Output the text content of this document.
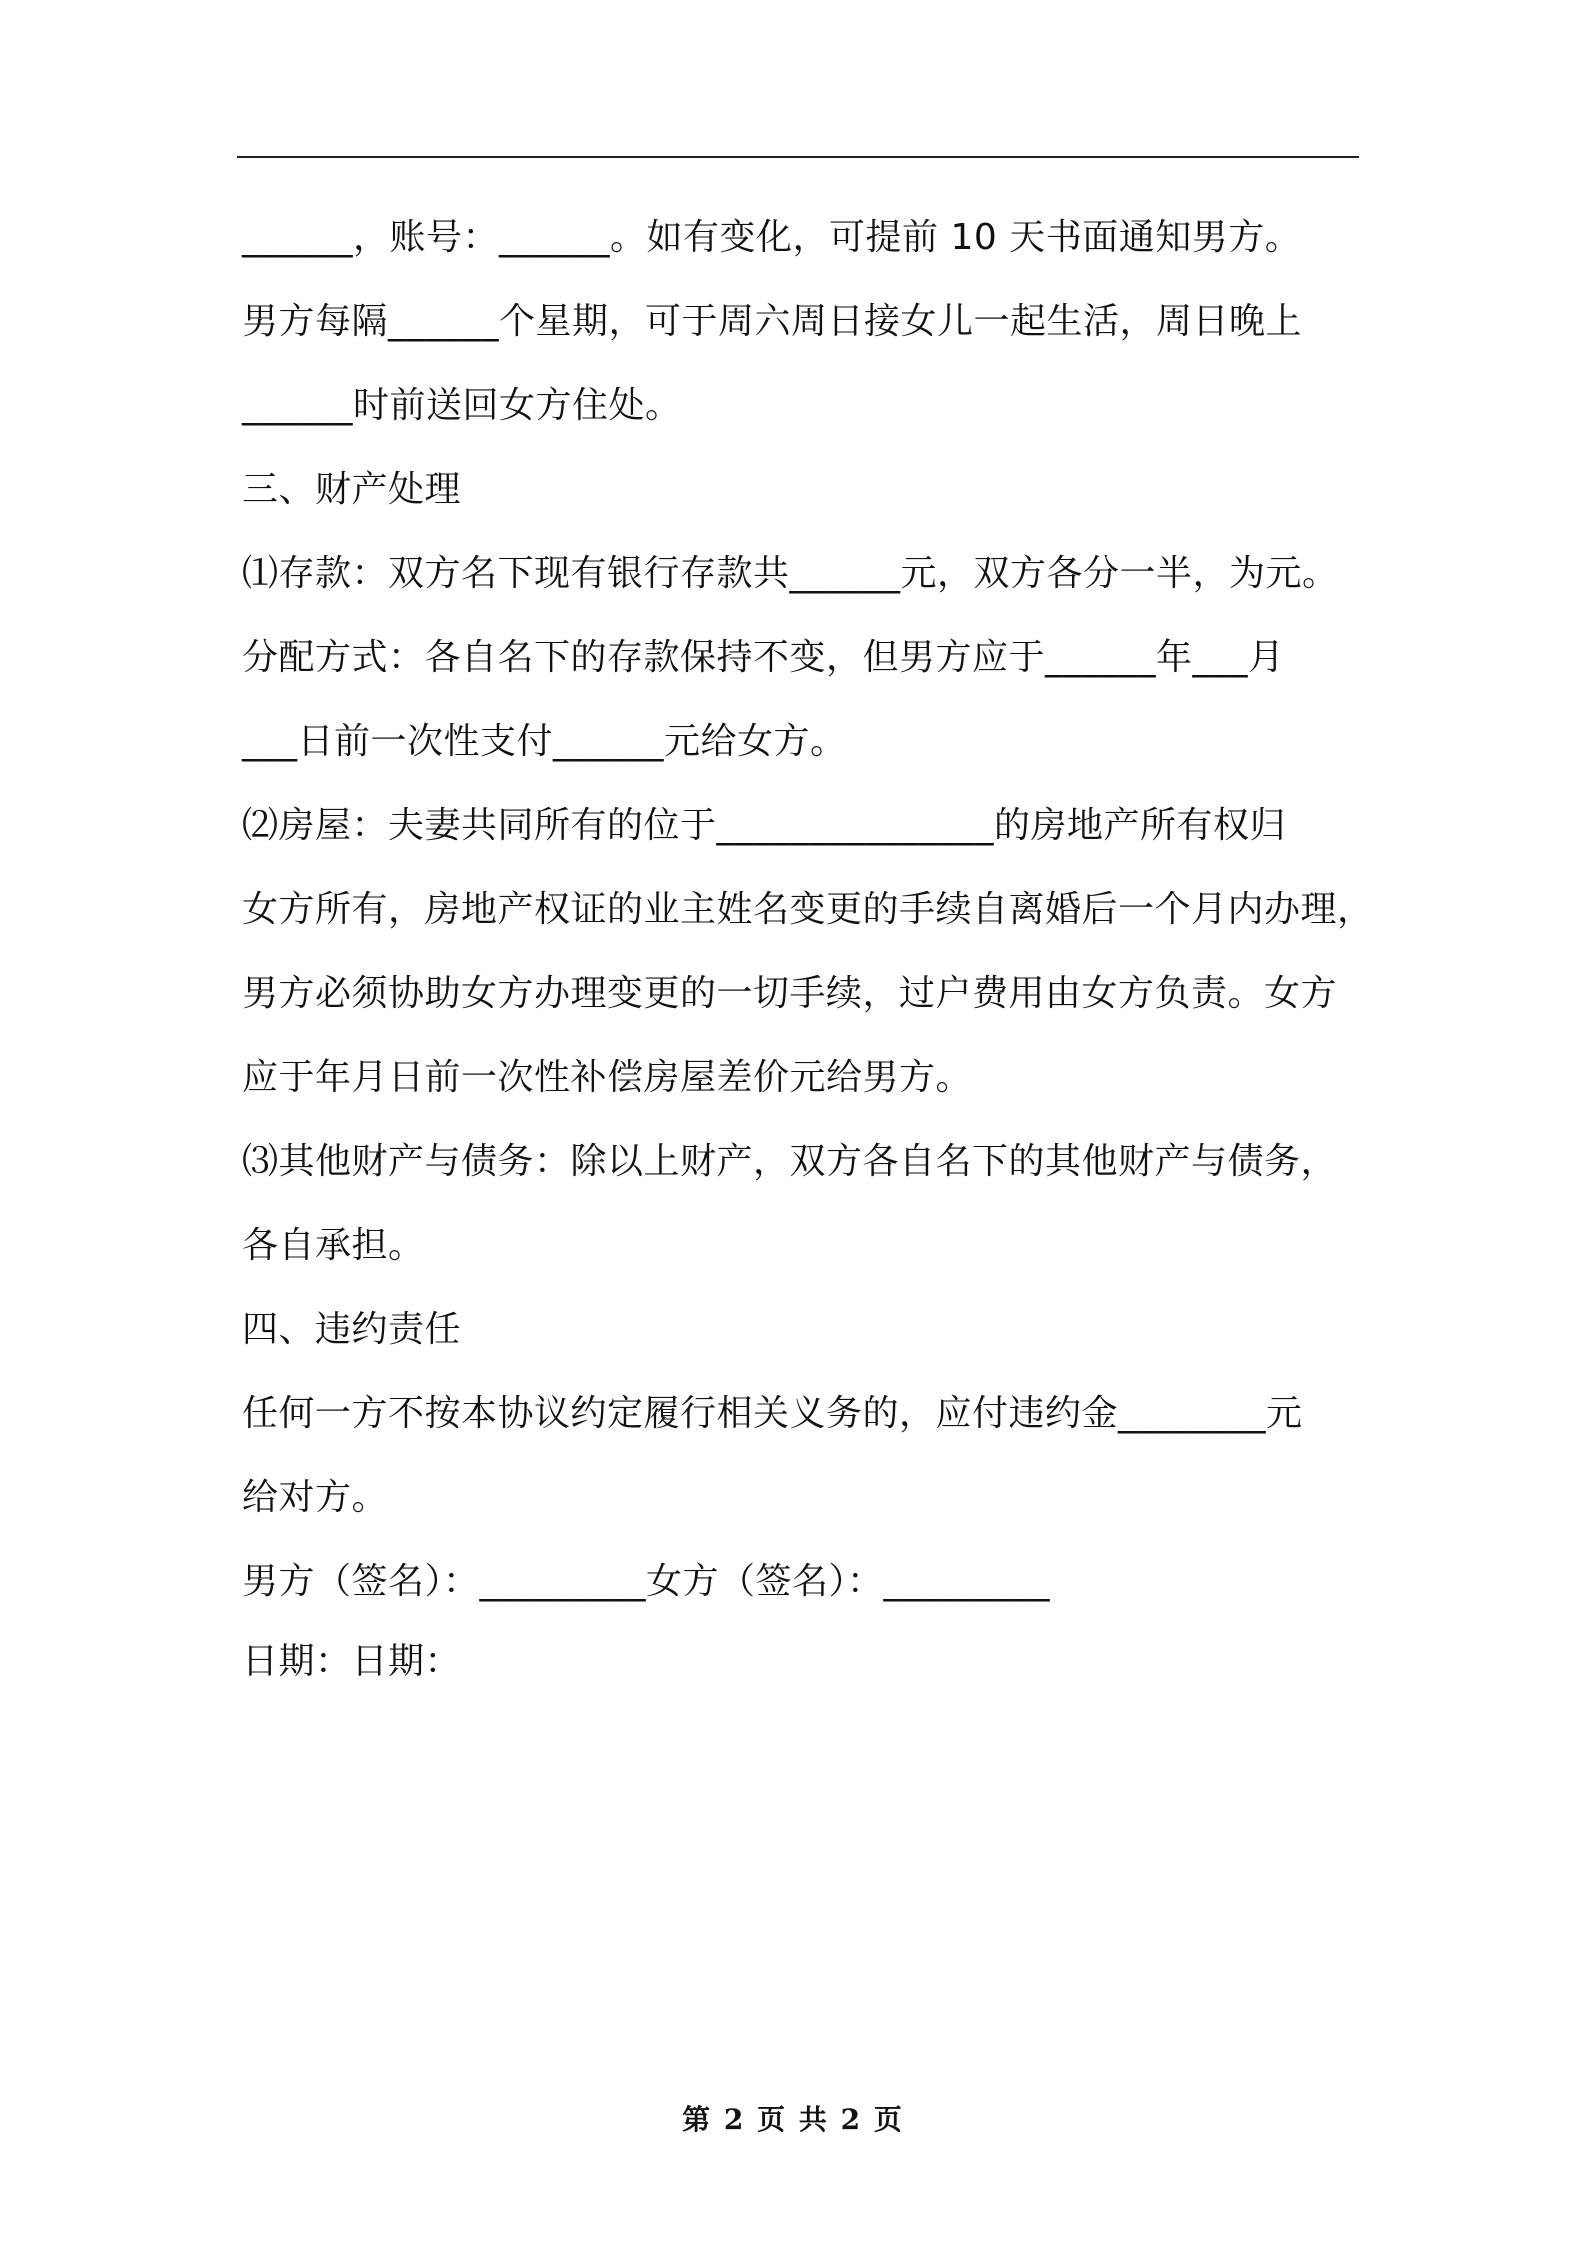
______，账号：______。如有变化，可提前 10 天书面通知男方。
男方每隔______个星期，可于周六周日接女儿一起生活，周日晚上
______时前送回女方住处。
三、财产处理
⑴存款：双方名下现有银行存款共______元，双方各分一半，为元。
分配方式：各自名下的存款保持不变，但男方应于______年___月
___日前一次性支付______元给女方。
⑵房屋：夫妻共同所有的位于_______________的房地产所有权归
女方所有，房地产权证的业主姓名变更的手续自离婚后一个月内办理，
男方必须协助女方办理变更的一切手续，过户费用由女方负责。女方
应于年月日前一次性补偿房屋差价元给男方。
⑶其他财产与债务：除以上财产，双方各自名下的其他财产与债务，
各自承担。
四、违约责任
任何一方不按本协议约定履行相关义务的，应付违约金________元
给对方。
男方（签名）：_________女方（签名）：_________
日期：日期：
第 2 页 共 2 页
